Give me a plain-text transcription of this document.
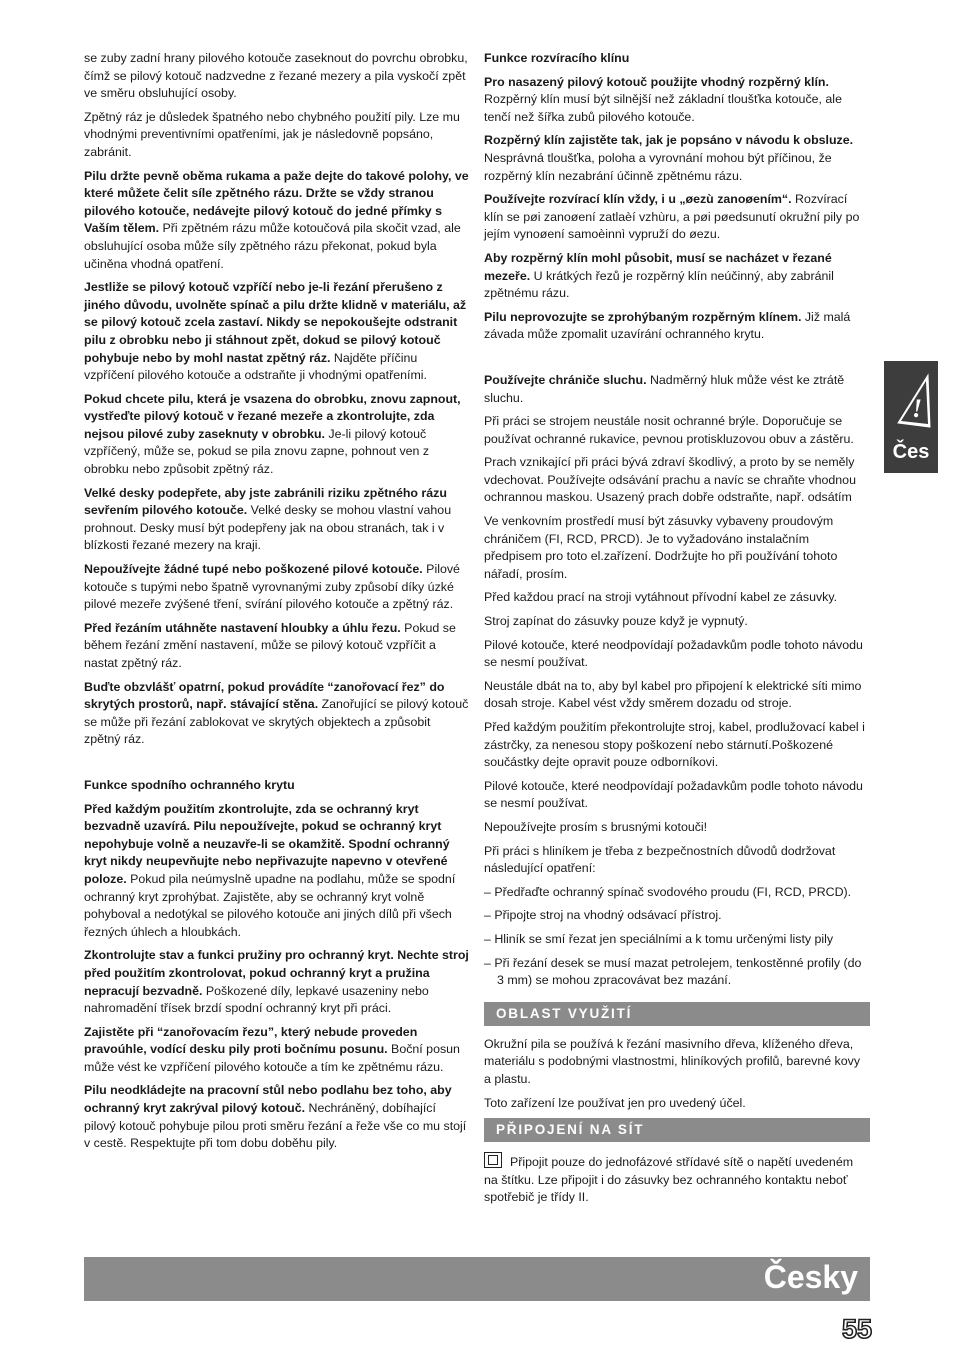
se zuby zadní hrany pilového kotouče zaseknout do povrchu obrobku, čímž se pilový kotouč nadzvedne z řezané mezery a pila vyskočí zpět ve směru obsluhující osoby.

Zpětný ráz je důsledek špatného nebo chybného použití pily. Lze mu vhodnými preventivními opatřeními, jak je následovně popsáno, zabránit.

Pilu držte pevně oběma rukama a paže dejte do takové polohy, ve které můžete čelit síle zpětného rázu. Držte se vždy stranou pilového kotouče, nedávejte pilový kotouč do jedné přímky s Vaším tělem. Při zpětném rázu může kotoučová pila skočit vzad, ale obsluhující osoba může síly zpětného rázu překonat, pokud byla učiněna vhodná opatření.

Jestliže se pilový kotouč vzpříčí nebo je-li řezání přerušeno z jiného důvodu, uvolněte spínač a pilu držte klidně v materiálu, až se pilový kotouč zcela zastaví. Nikdy se nepokoušejte odstranit pilu z obrobku nebo ji stáhnout zpět, dokud se pilový kotouč pohybuje nebo by mohl nastat zpětný ráz. Najděte příčinu vzpříčení pilového kotouče a odstraňte ji vhodnými opatřeními.

Pokud chcete pilu, která je vsazena do obrobku, znovu zapnout, vystřeďte pilový kotouč v řezané mezeře a zkontrolujte, zda nejsou pilové zuby zaseknuty v obrobku. Je-li pilový kotouč vzpříčený, může se, pokud se pila znovu zapne, pohnout ven z obrobku nebo způsobit zpětný ráz.

Velké desky podepřete, aby jste zabránili riziku zpětného rázu sevřením pilového kotouče. Velké desky se mohou vlastní vahou prohnout. Desky musí být podepřeny jak na obou stranách, tak i v blízkosti řezané mezery na kraji.

Nepoužívejte žádné tupé nebo poškozené pilové kotouče. Pilové kotouče s tupými nebo špatně vyrovnanými zuby způsobí díky úzké pilové mezeře zvýšené tření, svírání pilového kotouče a zpětný ráz.

Před řezáním utáhněte nastavení hloubky a úhlu řezu. Pokud se během řezání změní nastavení, může se pilový kotouč vzpříčit a nastat zpětný ráz.

Buďte obzvlášť opatrní, pokud provádíte “zanořovací řez” do skrytých prostorů, např. stávající stěna. Zanořující se pilový kotouč se může při řezání zablokovat ve skrytých objektech a způsobit zpětný ráz.

Funkce spodního ochranného krytu

Před každým použitím zkontrolujte, zda se ochranný kryt bezvadně uzavírá. Pilu nepoužívejte, pokud se ochranný kryt nepohybuje volně a neuzavře-li se okamžitě. Spodní ochranný kryt nikdy neupevňujte nebo nepřivazujte napevno v otevřené poloze. Pokud pila neúmyslně upadne na podlahu, může se spodní ochranný kryt zprohýbat. Zajistěte, aby se ochranný kryt volně pohyboval a nedotýkal se pilového kotouče ani jiných dílů při všech řezných úhlech a hloubkách.

Zkontrolujte stav a funkci pružiny pro ochranný kryt. Nechte stroj před použitím zkontrolovat, pokud ochranný kryt a pružina nepracují bezvadně. Poškozené díly, lepkavé usazeniny nebo nahromadění třísek brzdí spodní ochranný kryt při práci.

Zajistěte při “zanořovacím řezu”, který nebude proveden pravoúhle, vodící desku pily proti bočnímu posunu. Boční posun může vést ke vzpříčení pilového kotouče a tím ke zpětnému rázu.

Pilu neodkládejte na pracovní stůl nebo podlahu bez toho, aby ochranný kryt zakrýval pilový kotouč. Nechráněný, dobíhající pilový kotouč pohybuje pilou proti směru řezání a řeže vše co mu stojí v cestě. Respektujte při tom dobu doběhu pily.

Funkce rozvíracího klínu

Pro nasazený pilový kotouč použijte vhodný rozpěrný klín. Rozpěrný klín musí být silnější než základní tloušťka kotouče, ale tenčí než šířka zubů pilového kotouče.

Rozpěrný klín zajistěte tak, jak je popsáno v návodu k obsluze. Nesprávná tloušťka, poloha a vyrovnání mohou být příčinou, že rozpěrný klín nezabrání účinně zpětnému rázu.

Používejte rozvírací klín vždy, i u „øezù zanoøením“. Rozvírací klín se pøi zanoøení zatlaèí vzhùru, a pøi pøedsunutí okružní pily po jejím vynoøení samoèinnì vypruží do øezu.

Aby rozpěrný klín mohl působit, musí se nacházet v řezané mezeře. U krátkých řezů je rozpěrný klín neúčinný, aby zabránil zpětnému rázu.

Pilu neprovozujte se zprohýbaným rozpěrným klínem. Již malá závada může zpomalit uzavírání ochranného krytu.

Používejte chrániče sluchu. Nadměrný hluk může vést ke ztrátě sluchu.

Při práci se strojem neustále nosit ochranné brýle. Doporučuje se používat ochranné rukavice, pevnou protiskluzovou obuv a zástěru.

Prach vznikající při práci bývá zdraví škodlivý, a proto by se neměly vdechovat. Používejte odsávání prachu a navíc se chraňte vhodnou ochrannou maskou. Usazený prach dobře odstraňte, např. odsátím

Ve venkovním prostředí musí být zásuvky vybaveny proudovým chráničem (FI, RCD, PRCD). Je to vyžadováno instalačním předpisem pro toto el.zařízení. Dodržujte ho při používání tohoto nářadí, prosím.

Před každou prací na stroji vytáhnout přívodní kabel ze zásuvky.

Stroj zapínat do zásuvky pouze když je vypnutý.

Pilové kotouče, které neodpovídají požadavkům podle tohoto návodu se nesmí používat.

Neustále dbát na to, aby byl kabel pro připojení k elektrické síti mimo dosah stroje. Kabel vést vždy směrem dozadu od stroje.

Před každým použitím překontrolujte stroj, kabel, prodlužovací kabel i zástrčky, za nenesou stopy poškození nebo stárnutí.Poškozené součástky dejte opravit pouze odborníkovi.

Pilové kotouče, které neodpovídají požadavkům podle tohoto návodu se nesmí používat.

Nepoužívejte prosím s brusnými kotouči!

Při práci s hliníkem je třeba z bezpečnostních důvodů dodržovat následující opatření:

– Předřaďte ochranný spínač svodového proudu (FI, RCD, PRCD).

– Připojte stroj na vhodný odsávací přístroj.

– Hliník se smí řezat jen speciálními a k tomu určenými listy pily

– Při řezání desek se musí mazat petrolejem, tenkostěnné profily (do 3 mm) se mohou zpracovávat bez mazání.

OBLAST VYUŽITÍ

Okružní pila se používá k řezání masivního dřeva, klíženého dřeva, materiálu s podobnými vlastnostmi, hliníkových profilů, barevné kovy a plastu.

Toto zařízení lze používat jen pro uvedený účel.

PŘIPOJENÍ NA SÍT

Připojit pouze do jednofázové střídavé sítě o napětí uvedeném na štítku. Lze připojit i do zásuvky bez ochranného kontaktu neboť spotřebič je třídy II.

!
Čes
Česky
55
